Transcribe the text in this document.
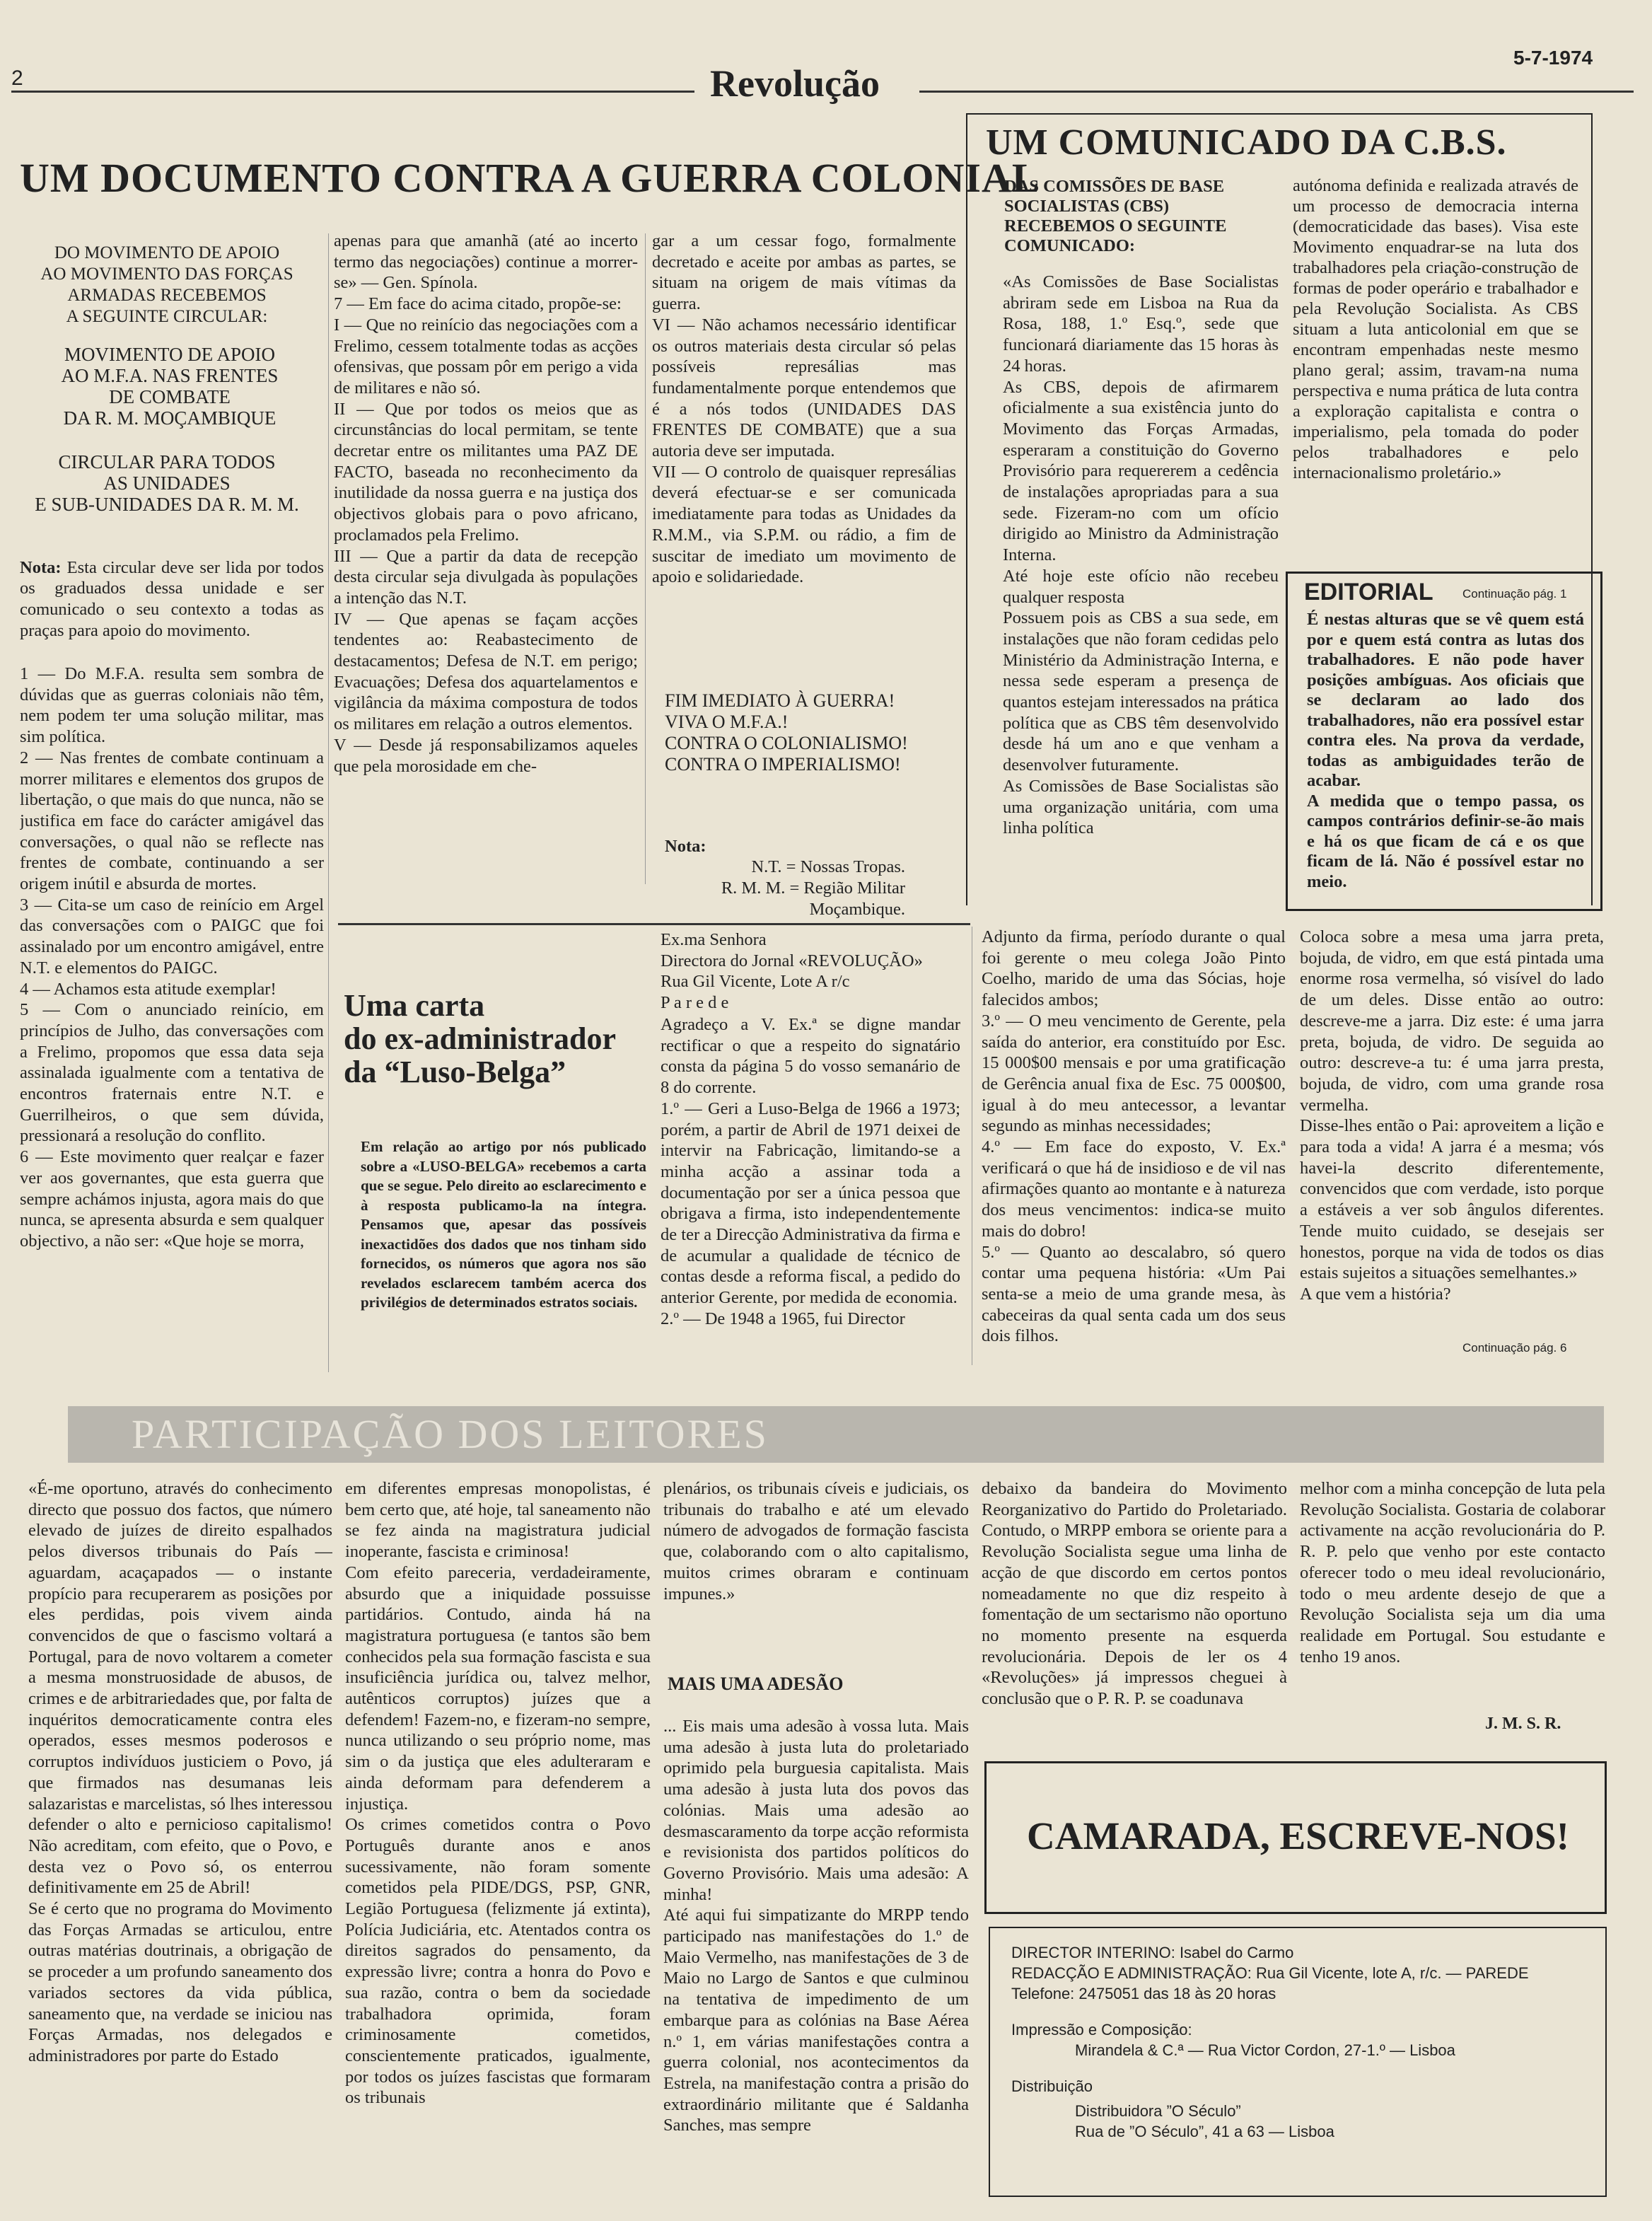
2	Revolução
5-7-1974
UM DOCUMENTO CONTRA A GUERRA COLONIAL
DO MOVIMENTO DE APOIO
AO MOVIMENTO DAS FORÇAS
ARMADAS RECEBEMOS
A SEGUINTE CIRCULAR:
MOVIMENTO DE APOIO
AO M.F.A. NAS FRENTES
DE COMBATE
DA R. M. MOÇAMBIQUE
CIRCULAR PARA TODOS
AS UNIDADES
E SUB-UNIDADES DA R. M. M.

Nota: Esta circular deve ser lida por todos os graduados dessa unidade e ser comunicado o seu contexto a todas as praças para apoio do movimento.

1 — Do M.F.A. resulta sem sombra de dúvidas que as guerras coloniais não têm, nem podem ter uma solução militar, mas sim política.
2 — Nas frentes de combate continuam a morrer militares e elementos dos grupos de libertação, o que mais do que nunca, não se justifica em face do carácter amigável das conversações, o qual não se reflecte nas frentes de combate, continuando a ser origem inútil e absurda de mortes.
3 — Cita-se um caso de reinício em Argel das conversações com o PAIGC que foi assinalado por um encontro amigável, entre N.T. e elementos do PAIGC.
4 — Achamos esta atitude exemplar!
5 — Com o anunciado reinício, em princípios de Julho, das conversações com a Frelimo, propomos que essa data seja assinalada igualmente com a tentativa de encontros fraternais entre N.T. e Guerrilheiros, o que sem dúvida, pressionará a resolução do conflito.
6 — Este movimento quer realçar e fazer ver aos governantes, que esta guerra que sempre achámos injusta, agora mais do que nunca, se apresenta absurda e sem qualquer objectivo, a não ser: «Que hoje se morra,

apenas para que amanhã (até ao incerto termo das negociações) continue a morrer-se» — Gen. Spínola.
7 — Em face do acima citado, propõe-se:
I — Que no reinício das negociações com a Frelimo, cessem totalmente todas as acções ofensivas, que possam pôr em perigo a vida de militares e não só.
II — Que por todos os meios que as circunstâncias do local permitam, se tente decretar entre os militantes uma PAZ DE FACTO, baseada no reconhecimento da inutilidade da nossa guerra e na justiça dos objectivos globais para o povo africano, proclamados pela Frelimo.
III — Que a partir da data de recepção desta circular seja divulgada às populações a intenção das N.T.
IV — Que apenas se façam acções tendentes ao: Reabastecimento de destacamentos; Defesa de N.T. em perigo; Evacuações; Defesa dos aquartelamentos e vigilância da máxima compostura de todos os militares em relação a outros elementos.
V — Desde já responsabilizamos aqueles que pela morosidade em che-

gar a um cessar fogo, formalmente decretado e aceite por ambas as partes, se situam na origem de mais vítimas da guerra.
VI — Não achamos necessário identificar os outros materiais desta circular só pelas possíveis represálias mas fundamentalmente porque entendemos que é a nós todos (UNIDADES DAS FRENTES DE COMBATE) que a sua autoria deve ser imputada.
VII — O controlo de quaisquer represálias deverá efectuar-se e ser comunicada imediatamente para todas as Unidades da R.M.M., via S.P.M. ou rádio, a fim de suscitar de imediato um movimento de apoio e solidariedade.

FIM IMEDIATO À GUERRA!
VIVA O M.F.A.!
CONTRA O COLONIALISMO!
CONTRA O IMPERIALISMO!

Nota:

N.T. = Nossas Tropas.
R. M. M. = Região Militar
Moçambique.

UM COMUNICADO DA C.B.S.

DAS COMISSÕES DE BASE
SOCIALISTAS (CBS)
RECEBEMOS O SEGUINTE
COMUNICADO:

«As Comissões de Base Socialistas abriram sede em Lisboa na Rua da Rosa, 188, 1.º Esq.º, sede que funcionará diariamente das 15 horas às 24 horas.
As CBS, depois de afirmarem oficialmente a sua existência junto do Movimento das Forças Armadas, esperaram a constituição do Governo Provisório para requererem a cedência de instalações apropriadas para a sua sede. Fizeram-no com um ofício dirigido ao Ministro da Administração Interna.
Até hoje este ofício não recebeu qualquer resposta
Possuem pois as CBS a sua sede, em instalações que não foram cedidas pelo Ministério da Administração Interna, e nessa sede esperam a presença de quantos estejam interessados na prática política que as CBS têm desenvolvido desde há um ano e que venham a desenvolver futuramente.
As Comissões de Base Socialistas são uma organização unitária, com uma linha política

autónoma definida e realizada através de um processo de democracia interna (democraticidade das bases). Visa este Movimento enquadrar-se na luta dos trabalhadores pela criação-construção de formas de poder operário e trabalhador e pela Revolução Socialista. As CBS situam a luta anticolonial em que se encontram empenhadas neste mesmo plano geral; assim, travam-na numa perspectiva e numa prática de luta contra a exploração capitalista e contra o imperialismo, pela tomada do poder pelos trabalhadores e pelo internacionalismo proletário.»

EDITORIAL Continuação pág. 1

É nestas alturas que se vê quem está por e quem está contra as lutas dos trabalhadores. E não pode haver posições ambíguas. Aos oficiais que se declaram ao lado dos trabalhadores, não era possível estar contra eles. Na prova da verdade, todas as ambiguidades terão de acabar.
A medida que o tempo passa, os campos contrários definir-se-ão mais e há os que ficam de cá e os que ficam de lá. Não é possível estar no meio.

Uma carta
do ex-administrador
da “Luso-Belga”

Em relação ao artigo por nós publicado sobre a «LUSO-BELGA» recebemos a carta que se segue. Pelo direito ao esclarecimento e à resposta publicamo-la na íntegra. Pensamos que, apesar das possíveis inexactidões dos dados que nos tinham sido fornecidos, os números que agora nos são revelados esclarecem também acerca dos privilégios de determinados estratos sociais.

Ex.ma Senhora
Directora do Jornal «REVOLUÇÃO»
Rua Gil Vicente, Lote A r/c
P a r e d e

Agradeço a V. Ex.ª se digne mandar rectificar o que a respeito do signatário consta da página 5 do vosso semanário de 8 do corrente.
1.º — Geri a Luso-Belga de 1966 a 1973; porém, a partir de Abril de 1971 deixei de intervir na Fabricação, limitando-se a minha acção a assinar toda a documentação por ser a única pessoa que obrigava a firma, isto independentemente de ter a Direcção Administrativa da firma e de acumular a qualidade de técnico de contas desde a reforma fiscal, a pedido do anterior Gerente, por medida de economia.
2.º — De 1948 a 1965, fui Director

Adjunto da firma, período durante o qual foi gerente o meu colega João Pinto Coelho, marido de uma das Sócias, hoje falecidos ambos;
3.º — O meu vencimento de Gerente, pela saída do anterior, era constituído por Esc. 15 000$00 mensais e por uma gratificação de Gerência anual fixa de Esc. 75 000$00, igual à do meu antecessor, a levantar segundo as minhas necessidades;
4.º — Em face do exposto, V. Ex.ª verificará o que há de insidioso e de vil nas afirmações quanto ao montante e à natureza dos meus vencimentos: indica-se muito mais do dobro!
5.º — Quanto ao descalabro, só quero contar uma pequena história: «Um Pai senta-se a meio de uma grande mesa, às cabeceiras da qual senta cada um dos seus dois filhos.

Coloca sobre a mesa uma jarra preta, bojuda, de vidro, em que está pintada uma enorme rosa vermelha, só visível do lado de um deles. Disse então ao outro: descreve-me a jarra. Diz este: é uma jarra preta, bojuda, de vidro. De seguida ao outro: descreve-a tu: é uma jarra presta, bojuda, de vidro, com uma grande rosa vermelha.
Disse-lhes então o Pai: aproveitem a lição e para toda a vida! A jarra é a mesma; vós havei-la descrito diferentemente, convencidos que com verdade, isto porque a estáveis a ver sob ângulos diferentes. Tende muito cuidado, se desejais ser honestos, porque na vida de todos os dias estais sujeitos a situações semelhantes.»
A que vem a história?

Continuação pág. 6
PARTICIPAÇÃO DOS LEITORES

«É-me oportuno, através do conhecimento directo que possuo dos factos, que número elevado de juízes de direito espalhados pelos diversos tribunais do País — aguardam, acaçapados — o instante propício para recuperarem as posições por eles perdidas, pois vivem ainda convencidos de que o fascismo voltará a Portugal, para de novo voltarem a cometer a mesma monstruosidade de abusos, de crimes e de arbitrariedades que, por falta de inquéritos democraticamente contra eles operados, esses mesmos poderosos e corruptos indivíduos justiciem o Povo, já que firmados nas desumanas leis salazaristas e marcelistas, só lhes interessou defender o alto e pernicioso capitalismo! Não acreditam, com efeito, que o Povo, e desta vez o Povo só, os enterrou definitivamente em 25 de Abril!
Se é certo que no programa do Movimento das Forças Armadas se articulou, entre outras matérias doutrinais, a obrigação de se proceder a um profundo saneamento dos variados sectores da vida pública, saneamento que, na verdade se iniciou nas Forças Armadas, nos delegados e administradores por parte do Estado

em diferentes empresas monopolistas, é bem certo que, até hoje, tal saneamento não se fez ainda na magistratura judicial inoperante, fascista e criminosa!
Com efeito pareceria, verdadeiramente, absurdo que a iniquidade possuisse partidários. Contudo, ainda há na magistratura portuguesa (e tantos são bem conhecidos pela sua formação fascista e sua insuficiência jurídica ou, talvez melhor, autênticos corruptos) juízes que a defendem! Fazem-no, e fizeram-no sempre, nunca utilizando o seu próprio nome, mas sim o da justiça que eles adulteraram e ainda deformam para defenderem a injustiça.
Os crimes cometidos contra o Povo Português durante anos e anos sucessivamente, não foram somente cometidos pela PIDE/DGS, PSP, GNR, Legião Portuguesa (felizmente já extinta), Polícia Judiciária, etc. Atentados contra os direitos sagrados do pensamento, da expressão livre; contra a honra do Povo e sua razão, contra o bem da sociedade trabalhadora oprimida, foram criminosamente cometidos, conscientemente praticados, igualmente, por todos os juízes fascistas que formaram os tribunais

plenários, os tribunais cíveis e judiciais, os tribunais do trabalho e até um elevado número de advogados de formação fascista que, colaborando com o alto capitalismo, muitos crimes obraram e continuam impunes.»

MAIS UMA ADESÃO

... Eis mais uma adesão à vossa luta. Mais uma adesão à justa luta do proletariado oprimido pela burguesia capitalista. Mais uma adesão à justa luta dos povos das colónias. Mais uma adesão ao desmascaramento da torpe acção reformista e revisionista dos partidos políticos do Governo Provisório. Mais uma adesão: A minha!
Até aqui fui simpatizante do MRPP tendo participado nas manifestações do 1.º de Maio Vermelho, nas manifestações de 3 de Maio no Largo de Santos e que culminou na tentativa de impedimento de um embarque para as colónias na Base Aérea n.º 1, em várias manifestações contra a guerra colonial, nos acontecimentos da Estrela, na manifestação contra a prisão do extraordinário militante que é Saldanha Sanches, mas sempre

debaixo da bandeira do Movimento Reorganizativo do Partido do Proletariado. Contudo, o MRPP embora se oriente para a Revolução Socialista segue uma linha de acção de que discordo em certos pontos nomeadamente no que diz respeito à fomentação de um sectarismo não oportuno no momento presente na esquerda revolucionária. Depois de ler os 4 «Revoluções» já impressos cheguei à conclusão que o P. R. P. se coadunava

melhor com a minha concepção de luta pela Revolução Socialista. Gostaria de colaborar activamente na acção revolucionária do P. R. P. pelo que venho por este contacto oferecer todo o meu ideal revolucionário, todo o meu ardente desejo de que a Revolução Socialista seja um dia uma realidade em Portugal. Sou estudante e tenho 19 anos.

J. M. S. R.
CAMARADA, ESCREVE-NOS!
DIRECTOR INTERINO: Isabel do Carmo
REDACÇÃO E ADMINISTRAÇÃO: Rua Gil Vicente, lote A, r/c. — PAREDE
Telefone: 2475051 das 18 às 20 horas
Impressão e Composição:
Mirandela & C.ª — Rua Victor Cordon, 27-1.º — Lisboa
Distribuição
Distribuidora ”O Século”
Rua de ”O Século”, 41 a 63 — Lisboa
